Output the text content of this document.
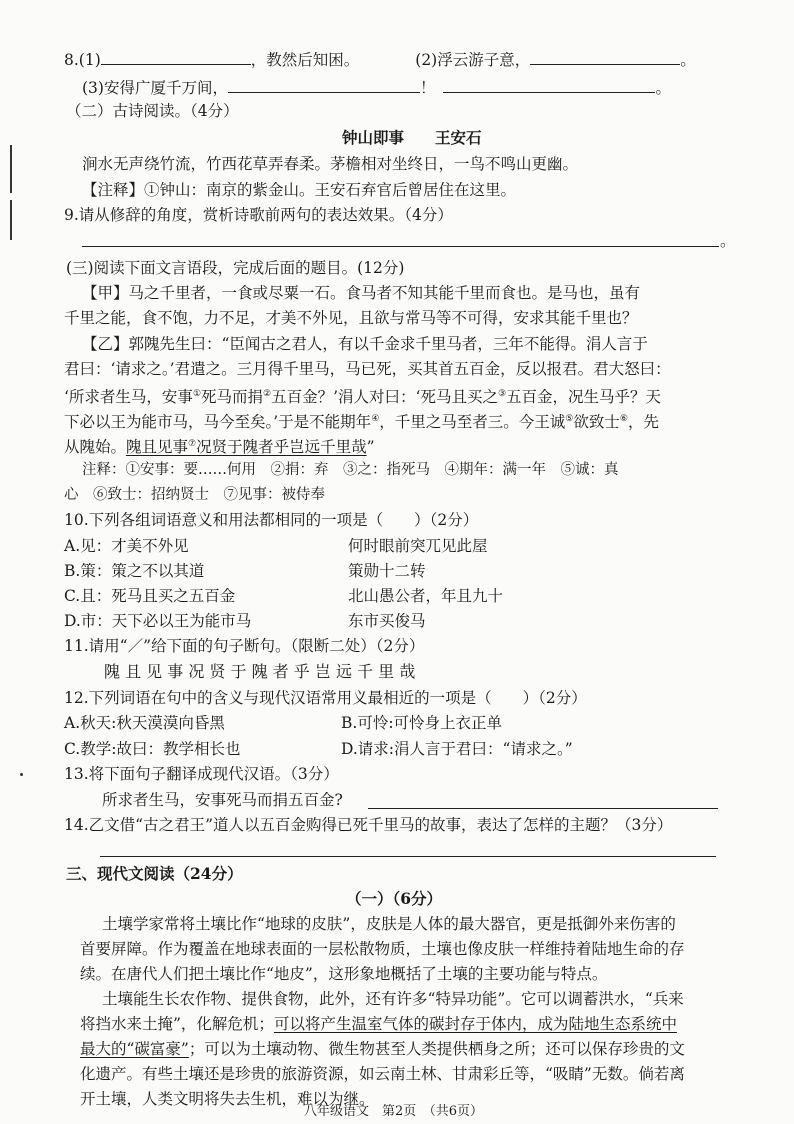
8.(1)	，教然后知困。	(2)浮云游子意，	。
(3)安得广厦千万间，	！	。
（二）古诗阅读。（4分）
钟山即事　　王安石
涧水无声绕竹流，竹西花草弄春柔。茅檐相对坐终日，一鸟不鸣山更幽。
【注释】①钟山：南京的紫金山。王安石弃官后曾居住在这里。
9.请从修辞的角度，赏析诗歌前两句的表达效果。（4分）
。
(三)阅读下面文言语段，完成后面的题目。(12分)
【甲】马之千里者，一食或尽粟一石。食马者不知其能千里而食也。是马也，虽有
千里之能，食不饱，力不足，才美不外见，且欲与常马等不可得，安求其能千里也？
【乙】郭隗先生曰：“臣闻古之君人，有以千金求千里马者，三年不能得。涓人言于
君曰：‘请求之。’君遣之。三月得千里马，马已死，买其首五百金，反以报君。君大怒曰：
‘所求者生马，安事①死马而捐②五百金？’涓人对曰：‘死马且买之③五百金，况生马乎？天
下必以王为能市马，马今至矣。’于是不能期年④，千里之马至者三。今王诚⑤欲致士⑥，先
从隗始。隗且见事⑦况贤于隗者乎岂远千里哉”
注释：①安事：要……何用　②捐：弃　③之：指死马　④期年：满一年　⑤诚：真
心　⑥致士：招纳贤士　⑦见事：被侍奉
10.下列各组词语意义和用法都相同的一项是（　　）（2分）
A.见：才美不外见	何时眼前突兀见此屋
B.策：策之不以其道	策勋十二转
C.且：死马且买之五百金	北山愚公者，年且九十
D.市：天下必以王为能市马	东市买俊马
11.请用“／”给下面的句子断句。（限断二处）（2分）
隗 且 见 事 况 贤 于 隗 者 乎 岂 远 千 里 哉
12.下列词语在句中的含义与现代汉语常用义最相近的一项是（　　）（2分）
A.秋天:秋天漠漠向昏黑	B.可怜:可怜身上衣正单
C.教学:故曰：教学相长也	D.请求:涓人言于君曰：“请求之。”
13.将下面句子翻译成现代汉语。（3分）
所求者生马，安事死马而捐五百金?
14.乙文借“古之君王”道人以五百金购得已死千里马的故事，表达了怎样的主题？（3分）
三、现代文阅读（24分）
（一）（6分）
土壤学家常将土壤比作“地球的皮肤”，皮肤是人体的最大器官，更是抵御外来伤害的
首要屏障。作为覆盖在地球表面的一层松散物质，土壤也像皮肤一样维持着陆地生命的存
续。在唐代人们把土壤比作“地皮”，这形象地概括了土壤的主要功能与特点。
土壤能生长农作物、提供食物，此外，还有许多“特异功能”。它可以调蓄洪水，“兵来
将挡水来土掩”，化解危机；可以将产生温室气体的碳封存于体内，成为陆地生态系统中
最大的“碳富豪”；可以为土壤动物、微生物甚至人类提供栖身之所；还可以保存珍贵的文
化遗产。有些土壤还是珍贵的旅游资源，如云南土林、甘肃彩丘等，“吸睛”无数。倘若离
开土壤，人类文明将失去生机，难以为继。
八年级语文　第2页　（共6页）
